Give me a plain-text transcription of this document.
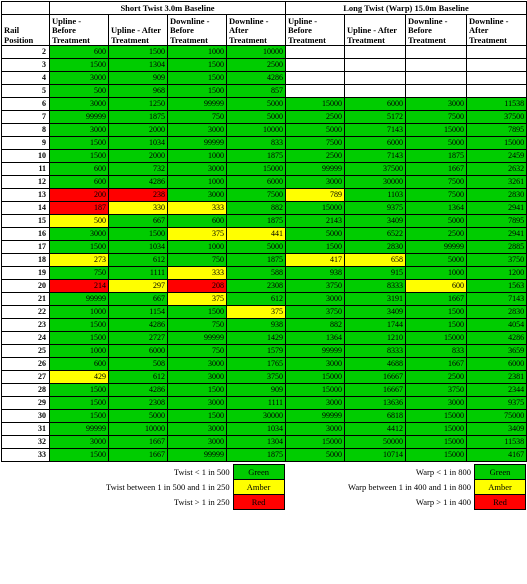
	Short Twist 3.0m Baseline				Long Twist (Warp) 15.0m Baseline			
Rail Position	Upline - Before Treatment	Upline - After Treatment	Downline - Before Treatment	Downline - After Treatment	Upline - Before Treatment	Upline - After Treatment	Downline - Before Treatment	Downline - After Treatment
2	600	1500	1000	10000				
3	1500	1304	1500	2500				
4	3000	909	1500	4286				
5	500	968	1500	857				
6	3000	1250	99999	5000	15000	6000	3000	11538
7	99999	1875	750	5000	2500	5172	7500	37500
8	3000	2000	3000	10000	5000	7143	15000	7895
9	1500	1034	99999	833	7500	6000	5000	15000
10	1500	2000	1000	1875	2500	7143	1875	2459
11	600	732	3000	15000	99999	37500	1667	2632
12	600	4286	1000	6000	3000	30000	7500	3261
13	200	238	3000	7500	789	1103	7500	2830
14	187	330	333	882	15000	9375	1364	2941
15	500	667	600	1875	2143	3409	5000	7895
16	3000	1500	375	441	5000	6522	2500	2941
17	1500	1034	1000	5000	1500	2830	99999	2885
18	273	612	750	1875	417	658	5000	3750
19	750	1111	333	588	938	915	1000	1200
20	214	297	208	2308	3750	8333	600	1563
21	99999	667	375	612	3000	3191	1667	7143
22	1000	1154	1500	375	3750	3409	1500	2830
23	1500	4286	750	938	882	1744	1500	4054
24	1500	2727	99999	1429	1364	1210	15000	4286
25	1000	6000	750	1579	99999	8333	833	3659
26	600	508	3000	1765	3000	4688	1667	6000
27	429	612	3000	3750	15000	16667	2500	2381
28	1500	4286	1500	909	15000	16667	3750	2344
29	1500	2308	3000	1111	3000	13636	3000	9375
30	1500	5000	1500	30000	99999	6818	15000	75000
31	99999	10000	3000	1034	3000	4412	15000	3409
32	3000	1667	3000	1304	15000	50000	15000	11538
33	1500	1667	99999	1875	5000	10714	15000	4167
Twist < 1 in 500	Green
Twist between 1 in 500 and 1 in 250	Amber
Twist > 1 in 250	Red
Warp < 1 in 800	Green
Warp between 1 in 400 and 1 in 800	Amber
Warp > 1 in 400	Red
